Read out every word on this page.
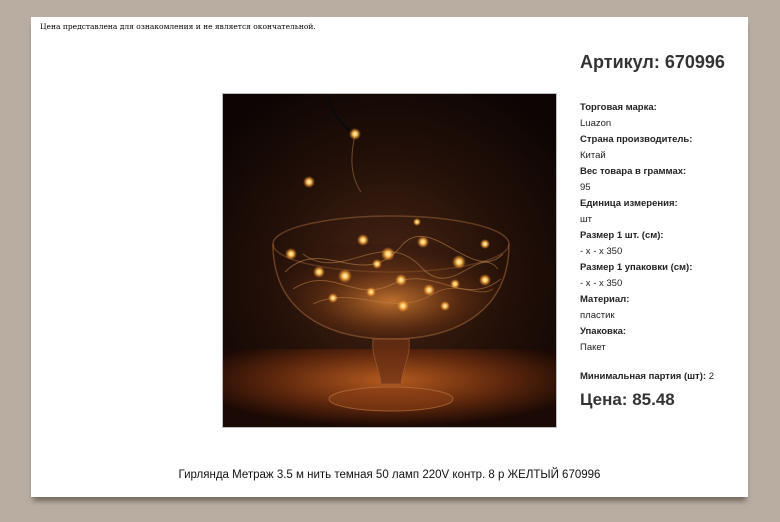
Цена представлена для ознакомления и не является окончательной.
Артикул: 670996
Торговая марка:
Luazon
Страна производитель:
Китай
Вес товара в граммах:
95
Единица измерения:
шт
Размер 1 шт. (см):
- х - х 350
Размер 1 упаковки (см):
- х - х 350
Материал:
пластик
Упаковка:
Пакет
Минимальная партия (шт): 2
Цена: 85.48
Гирлянда Метраж 3.5 м нить темная 50 ламп 220V контр. 8 р ЖЕЛТЫЙ 670996
